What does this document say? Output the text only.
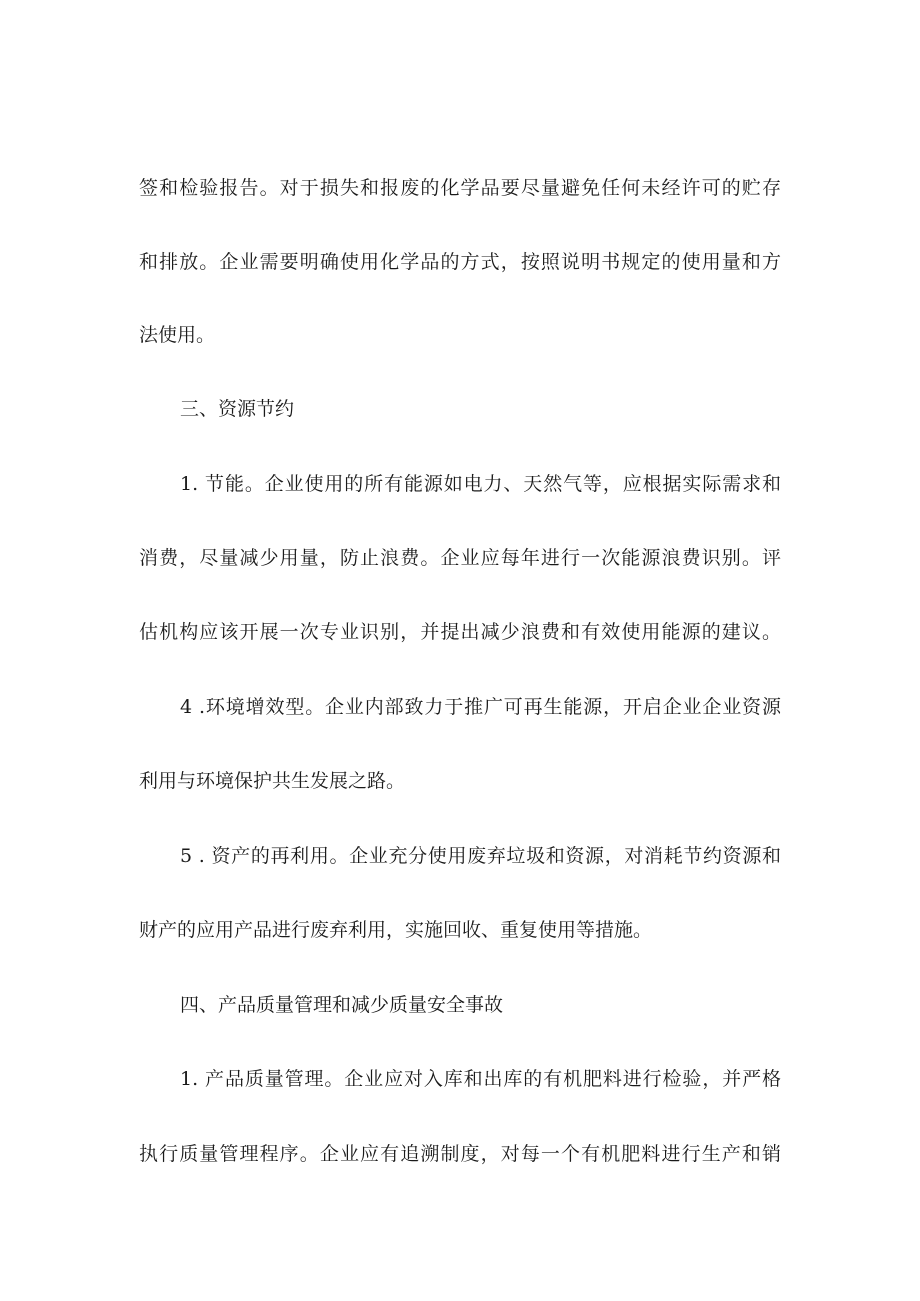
签和检验报告。对于损失和报废的化学品要尽量避免任何未经许可的贮存
和排放。企业需要明确使用化学品的方式，按照说明书规定的使用量和方
法使用。
三、资源节约
1. 节能。企业使用的所有能源如电力、天然气等，应根据实际需求和
消费，尽量减少用量，防止浪费。企业应每年进行一次能源浪费识别。评
估机构应该开展一次专业识别，并提出减少浪费和有效使用能源的建议。
4 .环境增效型。企业内部致力于推广可再生能源，开启企业企业资源
利用与环境保护共生发展之路。
5 . 资产的再利用。企业充分使用废弃垃圾和资源，对消耗节约资源和
财产的应用产品进行废弃利用，实施回收、重复使用等措施。
四、产品质量管理和减少质量安全事故
1. 产品质量管理。企业应对入库和出库的有机肥料进行检验，并严格
执行质量管理程序。企业应有追溯制度，对每一个有机肥料进行生产和销
